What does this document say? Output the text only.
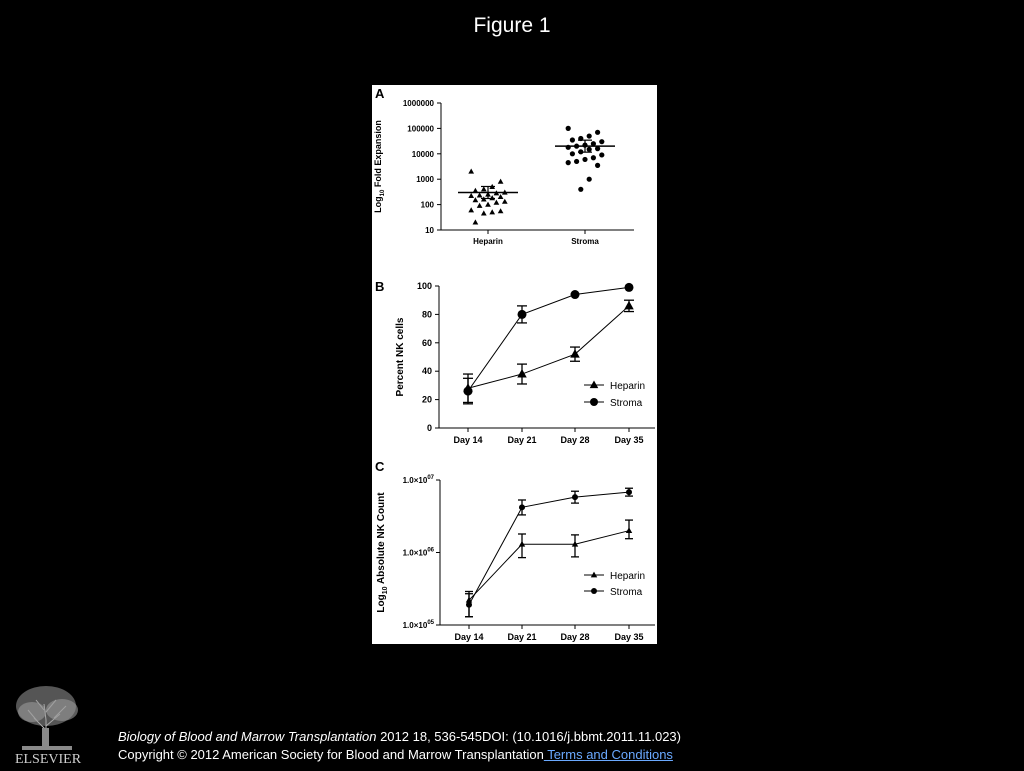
Figure 1
A
10
100
1000
10000
100000
1000000
Log$_{10}$ Fold Expansion
Heparin	Stroma
B
0
20
40
60
80
100
Percent NK cells
Day 14	Day 21	Day 28	Day 35
Heparin
Stroma
C
$1.0\times 10^{05}$
$1.0\times 10^{06}$
$1.0\times 10^{07}$
Log$_{10}$ Absolute NK Count
Day 14	Day 21	Day 28	Day 35
Heparin
Stroma
ELSEVIER
Biology of Blood and Marrow Transplantation 2012 18, 536-545DOI: (10.1016/j.bbmt.2011.11.023)
Copyright © 2012 American Society for Blood and Marrow Transplantation Terms and Conditions
